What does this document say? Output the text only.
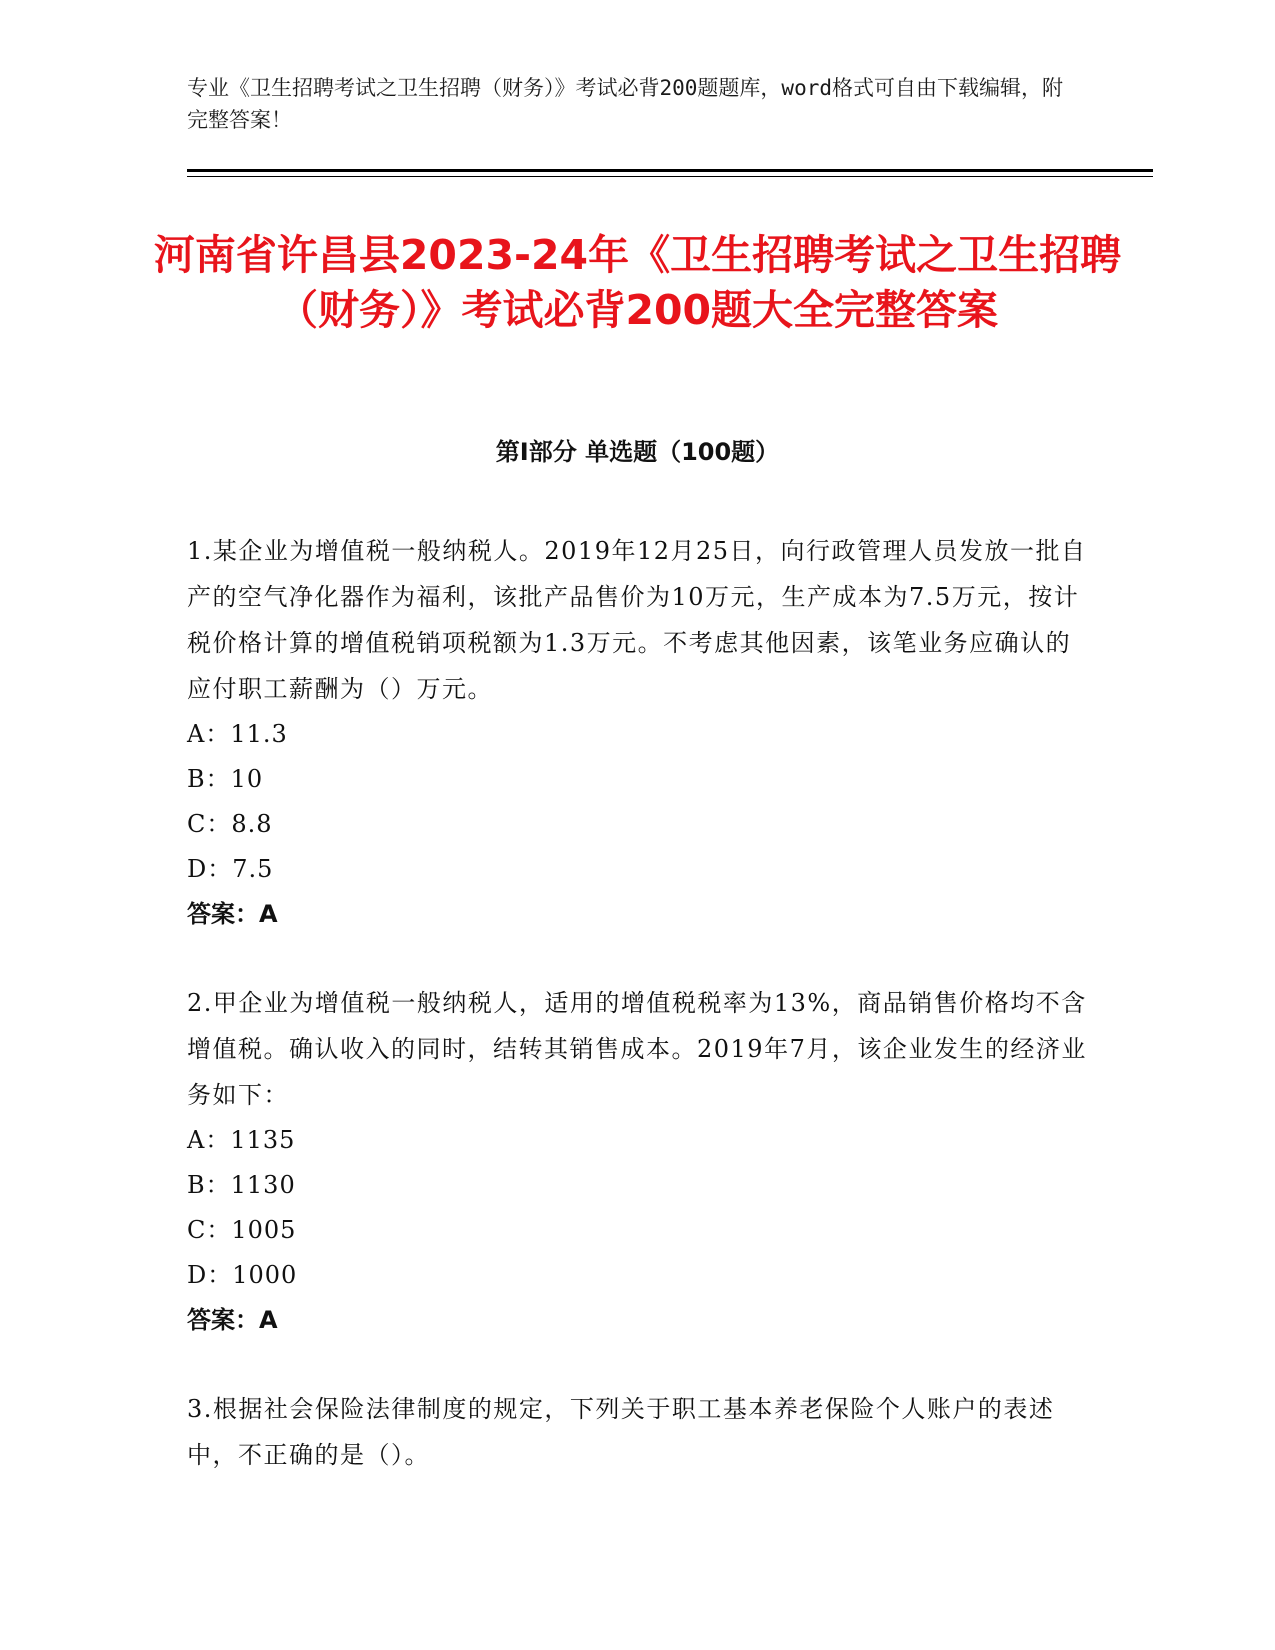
专业《卫生招聘考试之卫生招聘（财务）》考试必背200题题库，word格式可自由下载编辑，附完整答案！
河南省许昌县2023-24年《卫生招聘考试之卫生招聘（财务）》考试必背200题大全完整答案
第I部分 单选题（100题）

1.某企业为增值税一般纳税人。2019年12月25日，向行政管理人员发放一批自产的空气净化器作为福利，该批产品售价为10万元，生产成本为7.5万元，按计税价格计算的增值税销项税额为1.3万元。不考虑其他因素，该笔业务应确认的应付职工薪酬为（）万元。

A：11.3

B：10

C：8.8

D：7.5

答案：A

2.甲企业为增值税一般纳税人，适用的增值税税率为13%，商品销售价格均不含增值税。确认收入的同时，结转其销售成本。2019年7月，该企业发生的经济业务如下：

A：1135

B：1130

C：1005

D：1000

答案：A

3.根据社会保险法律制度的规定，下列关于职工基本养老保险个人账户的表述中，不正确的是（）。
